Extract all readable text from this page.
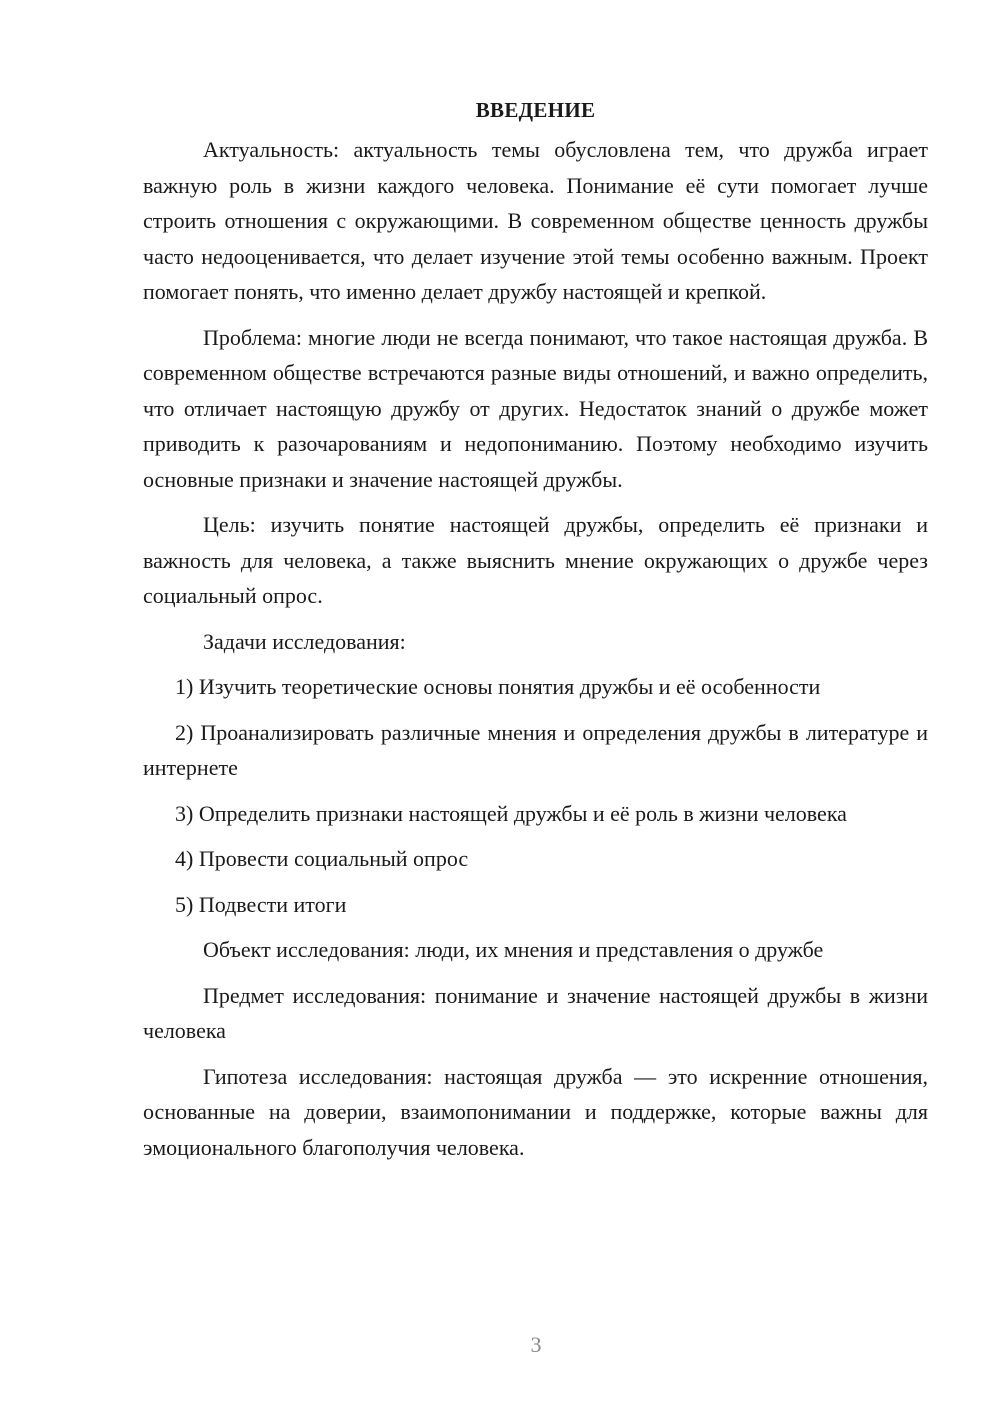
ВВЕДЕНИЕ

Актуальность: актуальность темы обусловлена тем, что дружба играет важную роль в жизни каждого человека. Понимание её сути помогает лучше строить отношения с окружающими. В современном обществе ценность дружбы часто недооценивается, что делает изучение этой темы особенно важным. Проект помогает понять, что именно делает дружбу настоящей и крепкой.

Проблема: многие люди не всегда понимают, что такое настоящая дружба. В современном обществе встречаются разные виды отношений, и важно определить, что отличает настоящую дружбу от других. Недостаток знаний о дружбе может приводить к разочарованиям и недопониманию. Поэтому необходимо изучить основные признаки и значение настоящей дружбы.

Цель: изучить понятие настоящей дружбы, определить её признаки и важность для человека, а также выяснить мнение окружающих о дружбе через социальный опрос.

Задачи исследования:

1) Изучить теоретические основы понятия дружбы и её особенности

2) Проанализировать различные мнения и определения дружбы в литературе и интернете

3) Определить признаки настоящей дружбы и её роль в жизни человека

4) Провести социальный опрос

5) Подвести итоги

Объект исследования: люди, их мнения и представления о дружбе

Предмет исследования: понимание и значение настоящей дружбы в жизни человека

Гипотеза исследования: настоящая дружба — это искренние отношения, основанные на доверии, взаимопонимании и поддержке, которые важны для эмоционального благополучия человека.

3
